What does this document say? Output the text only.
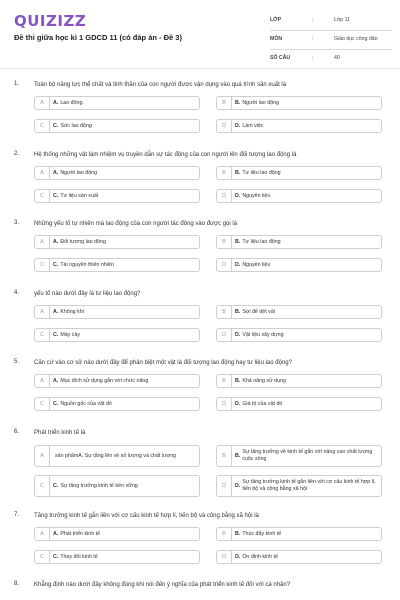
QUIZIZZ
Đề thi giữa học kì 1 GDCD 11 (có đáp án - Đề 3)
LỚP	:	Lớp 11
MÔN	:	Giáo dục công dân
SỐ CÂU	:	40
1. Toàn bộ năng lực thể chất và tinh thần của con người được vận dụng vào quá trình sản xuất là
A	A. Lao động.	B	B. Người lao động
C	C. Sức lao động	D	D. Làm việc
2. Hệ thống những vật làm nhiệm vụ truyền dẫn sự tác động của con người lên đối tượng lao động là
A	A. Người lao động	B	B. Tư liệu lao động
C	C. Tư liệu sản xuất	D	D. Nguyên liệu
3. Những yếu tố tự nhiên mà lao động của con người tác động vào được gọi là
A	A. Đối tượng lao động	B	B. Tư liệu lao động
C	C. Tài nguyên thiên nhiên	D	D. Nguyên liệu
4. yếu tố nào dưới đây là tư liệu lao động?
A	A. Không khí	B	B. Sợi để dệt vải
C	C. Máy cày	D	D. Vật liệu xây dựng
5. Căn cứ vào cơ sở nào dưới đây để phân biệt một vật là đối tượng lao động hay tư liệu lao động?
A	A. Mục đích sử dụng gắn với chức năng	B	B. Khả năng sử dụng
C	C. Nguồn gốc của vật đó	D	D. Giá trị của vật đó
6. Phát triển kinh tế là
A	sản phẩmA. Sự tăng lên về số lượng và chất lượng	B	B.
Sự tăng trưởng về kinh tế gắn với nâng cao chất lượng cuộc sống
C	C. Sự tăng trưởng kinh tế bền vững	D	D.
Sự tăng trưởng kinh tế gắn liền với cơ cấu kinh tế hợp lí, tiến bộ và công bằng xã hội
7. Tăng trưởng kinh tế gắn liền với cơ cấu kinh tế hợp lí, tiến bộ và công bằng xã hội là
A	A. Phát triển kinh tế	B	B. Thúc đẩy kinh tế
C	C. Thay đổi kinh tế	D	D. Ổn định kinh tế
8. Khẳng định nào dưới đây không đúng khi nói đến ý nghĩa của phát triển kinh tế đối với cá nhân?
